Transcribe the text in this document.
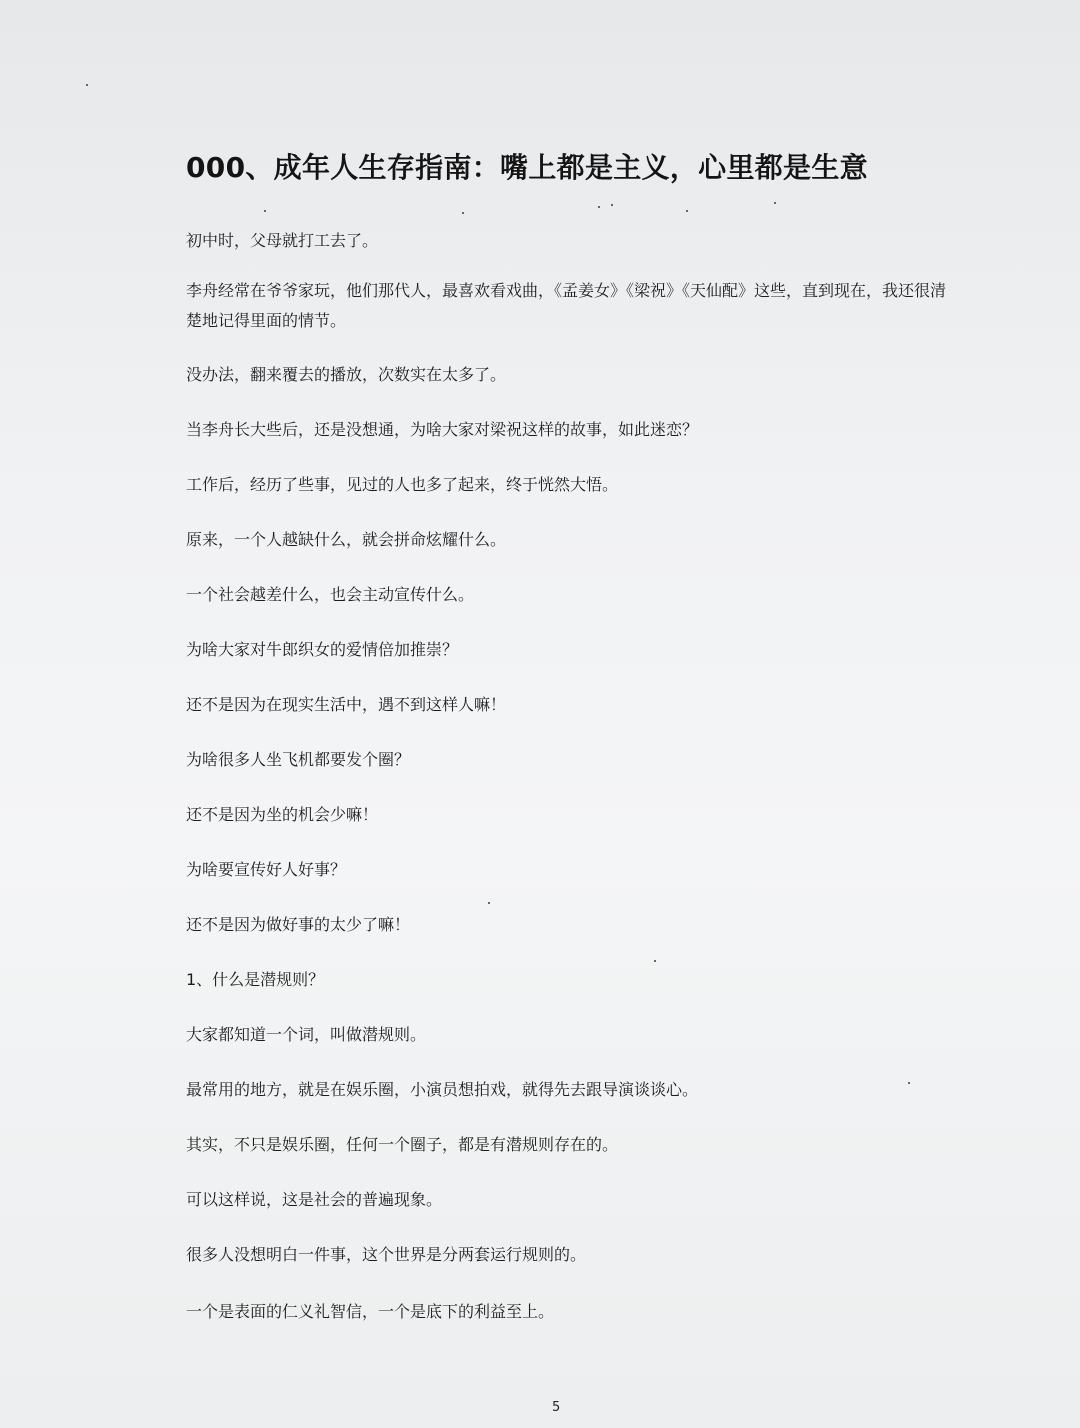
000、成年人生存指南：嘴上都是主义，心里都是生意
初中时，父母就打工去了。
李舟经常在爷爷家玩，他们那代人，最喜欢看戏曲，《孟姜女》《梁祝》《天仙配》这些，直到现在，我还很清楚地记得里面的情节。
没办法，翻来覆去的播放，次数实在太多了。
当李舟长大些后，还是没想通，为啥大家对梁祝这样的故事，如此迷恋？
工作后，经历了些事，见过的人也多了起来，终于恍然大悟。
原来，一个人越缺什么，就会拼命炫耀什么。
一个社会越差什么，也会主动宣传什么。
为啥大家对牛郎织女的爱情倍加推崇？
还不是因为在现实生活中，遇不到这样人嘛！
为啥很多人坐飞机都要发个圈？
还不是因为坐的机会少嘛！
为啥要宣传好人好事？
还不是因为做好事的太少了嘛！
1、什么是潜规则？
大家都知道一个词，叫做潜规则。
最常用的地方，就是在娱乐圈，小演员想拍戏，就得先去跟导演谈谈心。
其实，不只是娱乐圈，任何一个圈子，都是有潜规则存在的。
可以这样说，这是社会的普遍现象。
很多人没想明白一件事，这个世界是分两套运行规则的。
一个是表面的仁义礼智信，一个是底下的利益至上。
5
